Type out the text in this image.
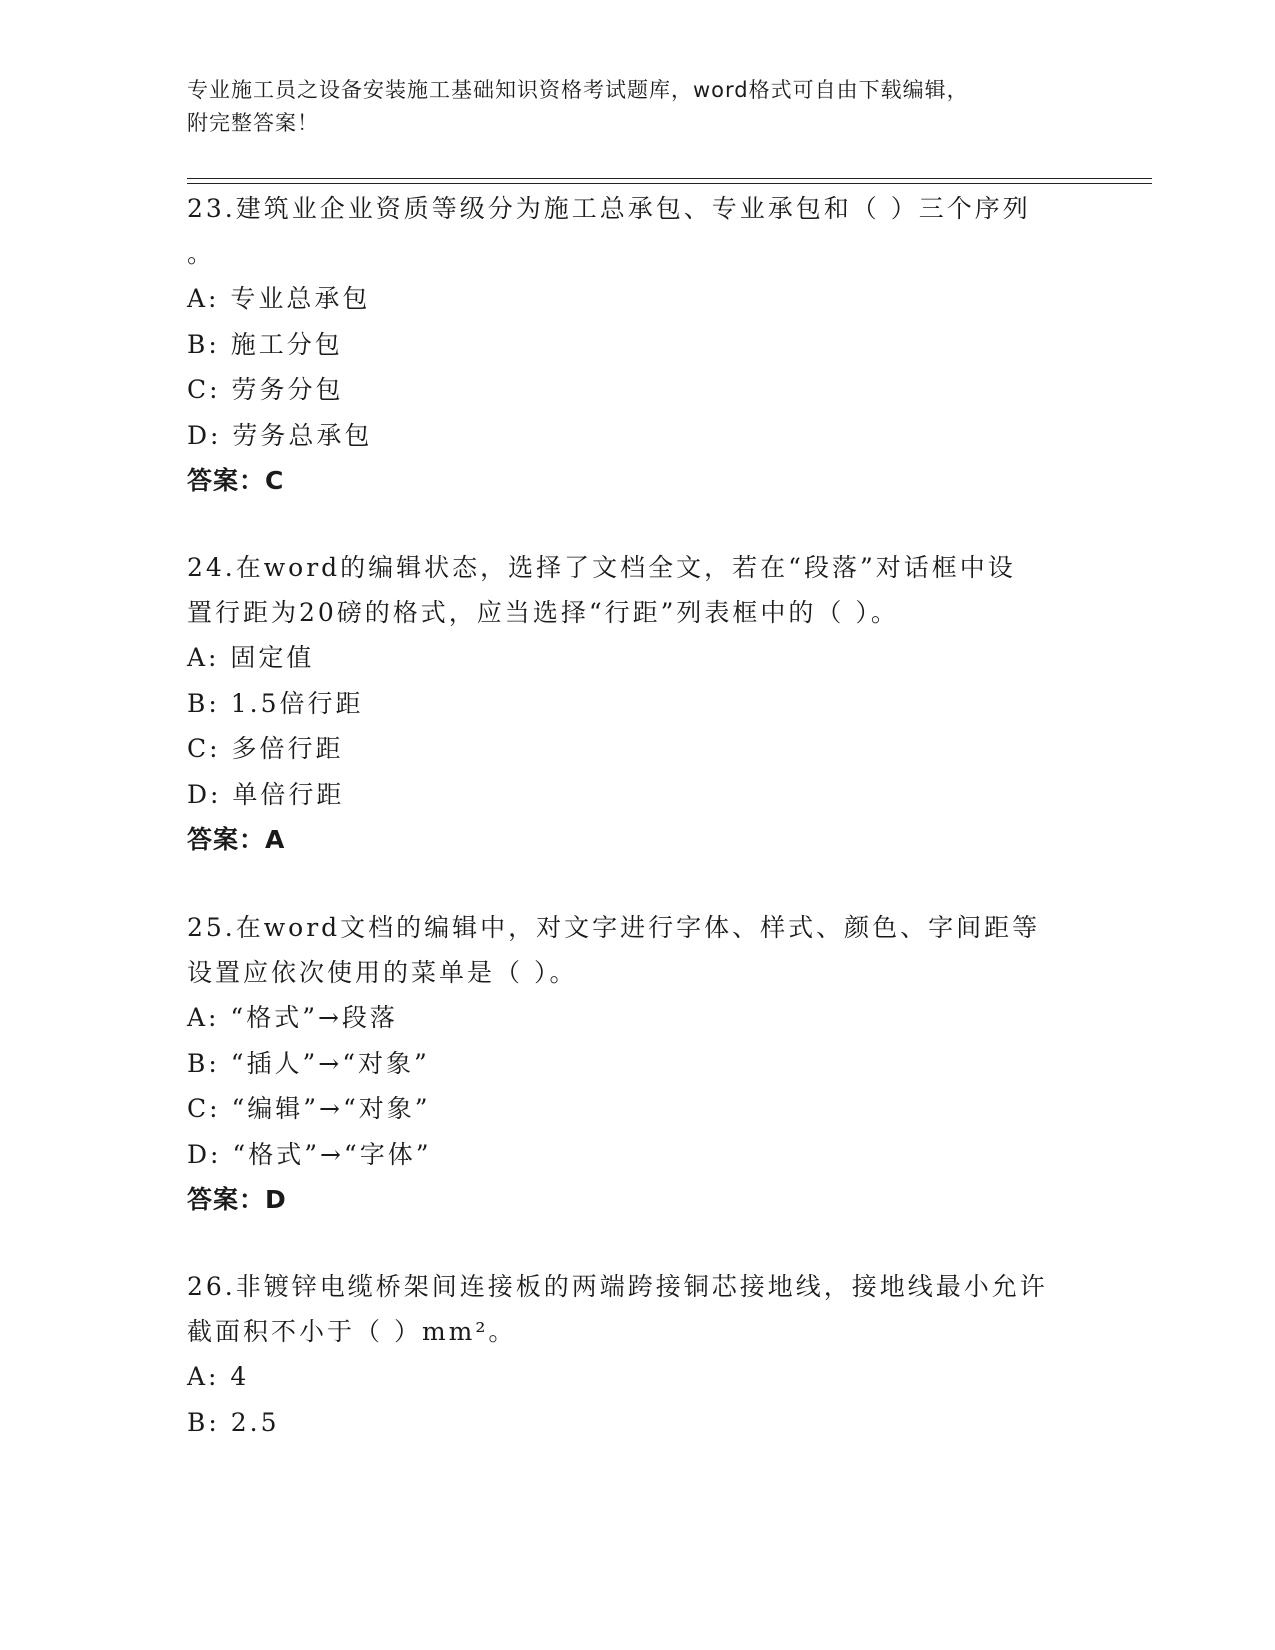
专业施工员之设备安装施工基础知识资格考试题库，word格式可自由下载编辑，
附完整答案！

23.建筑业企业资质等级分为施工总承包、专业承包和（ ）三个序列

。

A: 专业总承包

B: 施工分包

C: 劳务分包

D: 劳务总承包

答案：C

24.在word的编辑状态，选择了文档全文，若在“段落”对话框中设

置行距为20磅的格式，应当选择“行距”列表框中的（ ）。

A: 固定值

B: 1.5倍行距

C: 多倍行距

D: 单倍行距

答案：A

25.在word文档的编辑中，对文字进行字体、样式、颜色、字间距等

设置应依次使用的菜单是（ ）。

A: “格式”→段落

B: “插人”→“对象”

C: “编辑”→“对象”

D: “格式”→“字体”

答案：D

26.非镀锌电缆桥架间连接板的两端跨接铜芯接地线，接地线最小允许

截面积不小于（ ）mm²。

A: 4

B: 2.5
